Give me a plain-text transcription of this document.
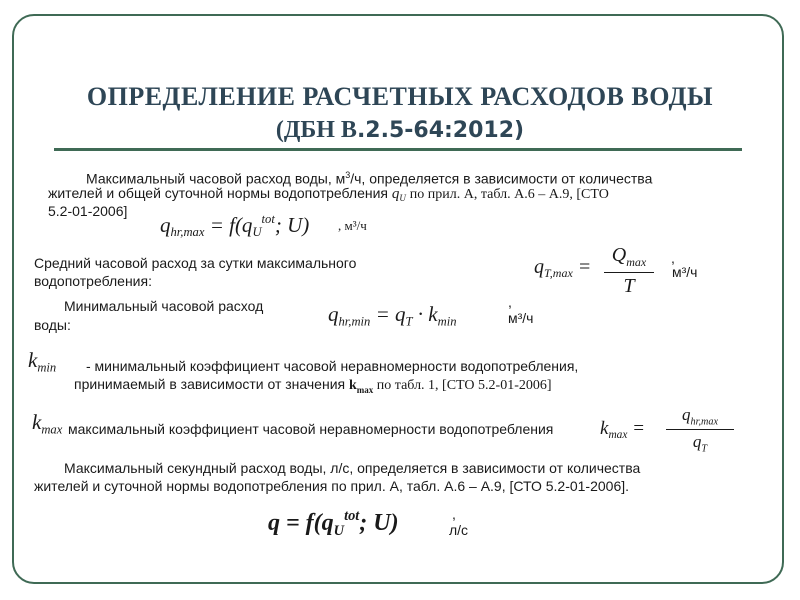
ОПРЕДЕЛЕНИЕ РАСЧЕТНЫХ РАСХОДОВ ВОДЫ
(ДБН В.2.5-64:2012)
Максимальный часовой расход воды, $м^3/ч$, определяется в зависимости от количества
жителей и общей суточной нормы водопотребления $q_U$ по прил. А, табл. А.6 – А.9, [СТО
5.2-01-2006]
$q_{hr,max} = f(q_U^{tot}$; U) , м³/ч
Средний часовой расход за сутки максимального
водопотребления:
$q_{T,max}$ =
$Q_{max}$
T
,
м³/ч
Минимальный часовой расход
воды:	$q_{hr,min} = q_T \cdot k_{min}$
,
м³/ч
$k_{min}$ - минимальный коэффициент часовой неравномерности водопотребления,
принимаемый в зависимости от значения $k_{max}$ по табл. 1, [СТО 5.2-01-2006]
$k_{max}$ максимальный коэффициент часовой неравномерности водопотребления $k_{max}$ =
$q_{hr,max}$
$q_T$
Максимальный секундный расход воды, л/с, определяется в зависимости от количества
жителей и суточной нормы водопотребления по прил. А, табл. А.6 – А.9, [СТО 5.2-01-2006].
$q = f(q_U^{tot}$; U)	,
л/с
